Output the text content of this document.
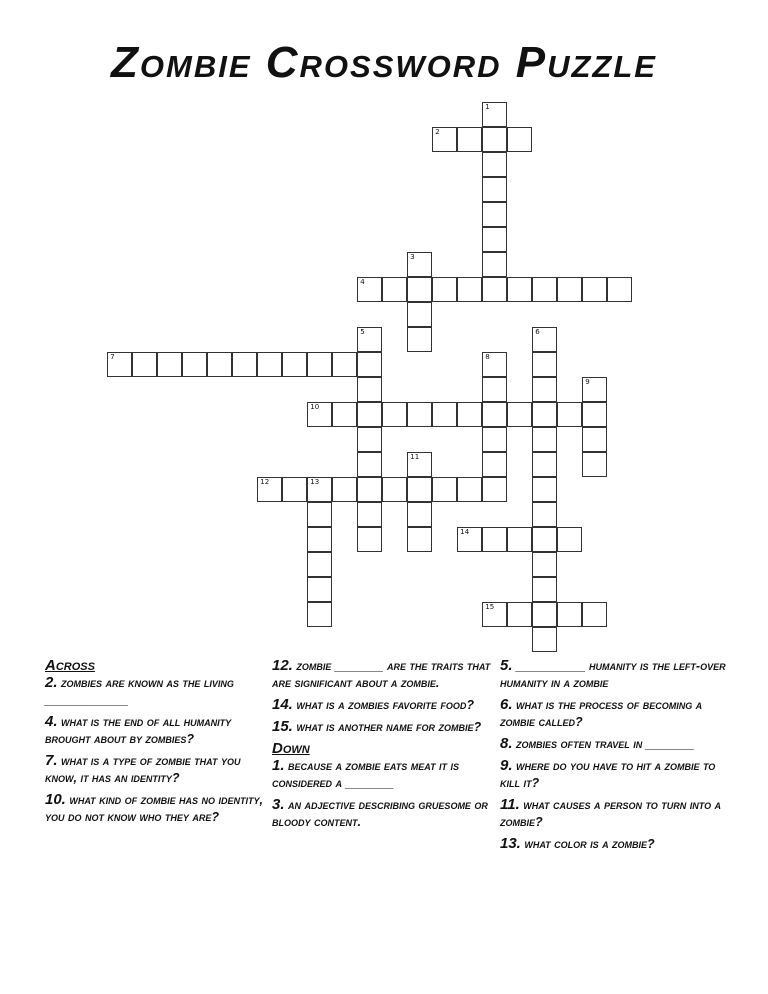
Zombie Crossword Puzzle
1
2
3
4
5	6
7	8
9
10
11
12	13
14
15
Across
2. zombies are known as the living ____________
4. what is the end of all humanity brought about by zombies?
7. what is a type of zombie that you know, it has an identity?
10. what kind of zombie has no identity, you do not know who they are?
12. zombie _______ are the traits that are significant about a zombie.
14. what is a zombies favorite food?
15. what is another name for zombie?
Down
1. because a zombie eats meat it is considered a _______
3. an adjective describing gruesome or bloody content.
5. __________ humanity is the left-over humanity in a zombie
6. what is the process of becoming a zombie called?
8. zombies often travel in _______
9. where do you have to hit a zombie to kill it?
11. what causes a person to turn into a zombie?
13. what color is a zombie?
